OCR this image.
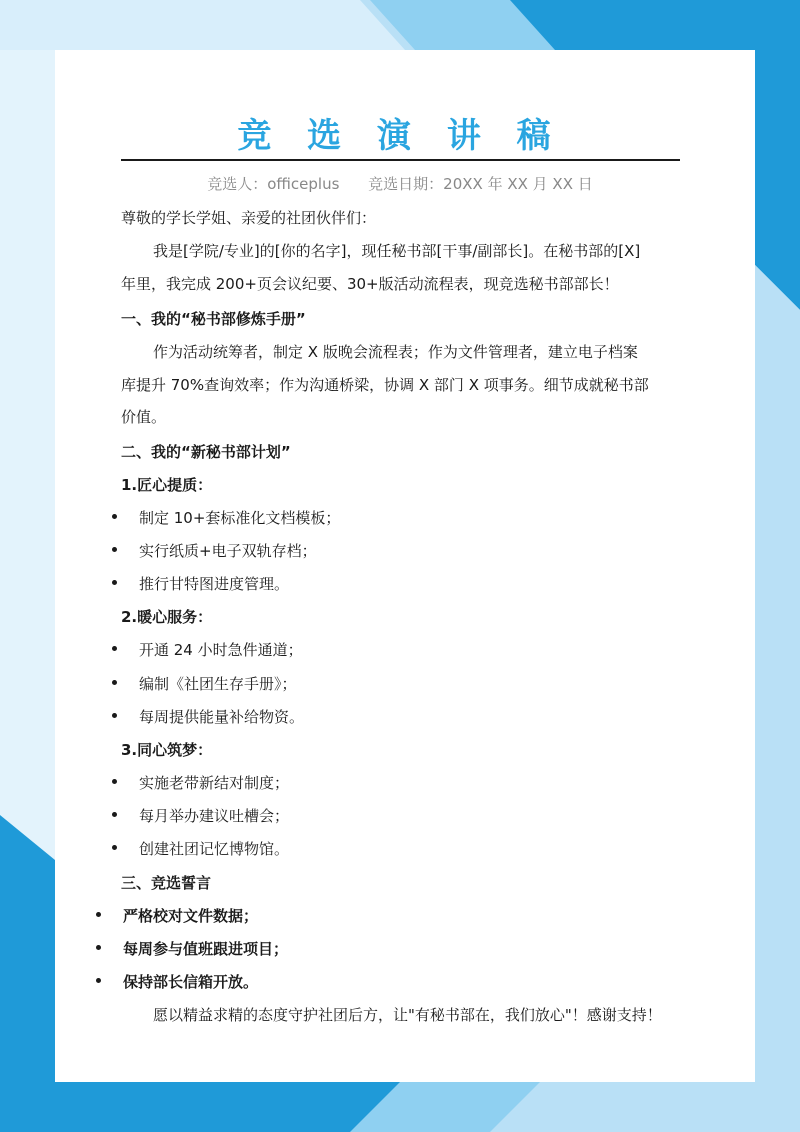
竞 选 演 讲 稿
竞选人：officeplus 竞选日期：20XX 年 XX 月 XX 日
尊敬的学长学姐、亲爱的社团伙伴们：
我是[学院/专业]的[你的名字]，现任秘书部[干事/副部长]。在秘书部的[X]
年里，我完成 200+页会议纪要、30+版活动流程表，现竞选秘书部部长！
一、我的“秘书部修炼手册”
作为活动统筹者，制定 X 版晚会流程表；作为文件管理者，建立电子档案
库提升 70%查询效率；作为沟通桥梁，协调 X 部门 X 项事务。细节成就秘书部
价值。
二、我的“新秘书部计划”
1.匠心提质：
制定 10+套标准化文档模板；
实行纸质+电子双轨存档；
推行甘特图进度管理。
2.暖心服务：
开通 24 小时急件通道；
编制《社团生存手册》；
每周提供能量补给物资。
3.同心筑梦：
实施老带新结对制度；
每月举办建议吐槽会；
创建社团记忆博物馆。
三、竞选誓言
严格校对文件数据；
每周参与值班跟进项目；
保持部长信箱开放。
愿以精益求精的态度守护社团后方，让"有秘书部在，我们放心"！感谢支持！
